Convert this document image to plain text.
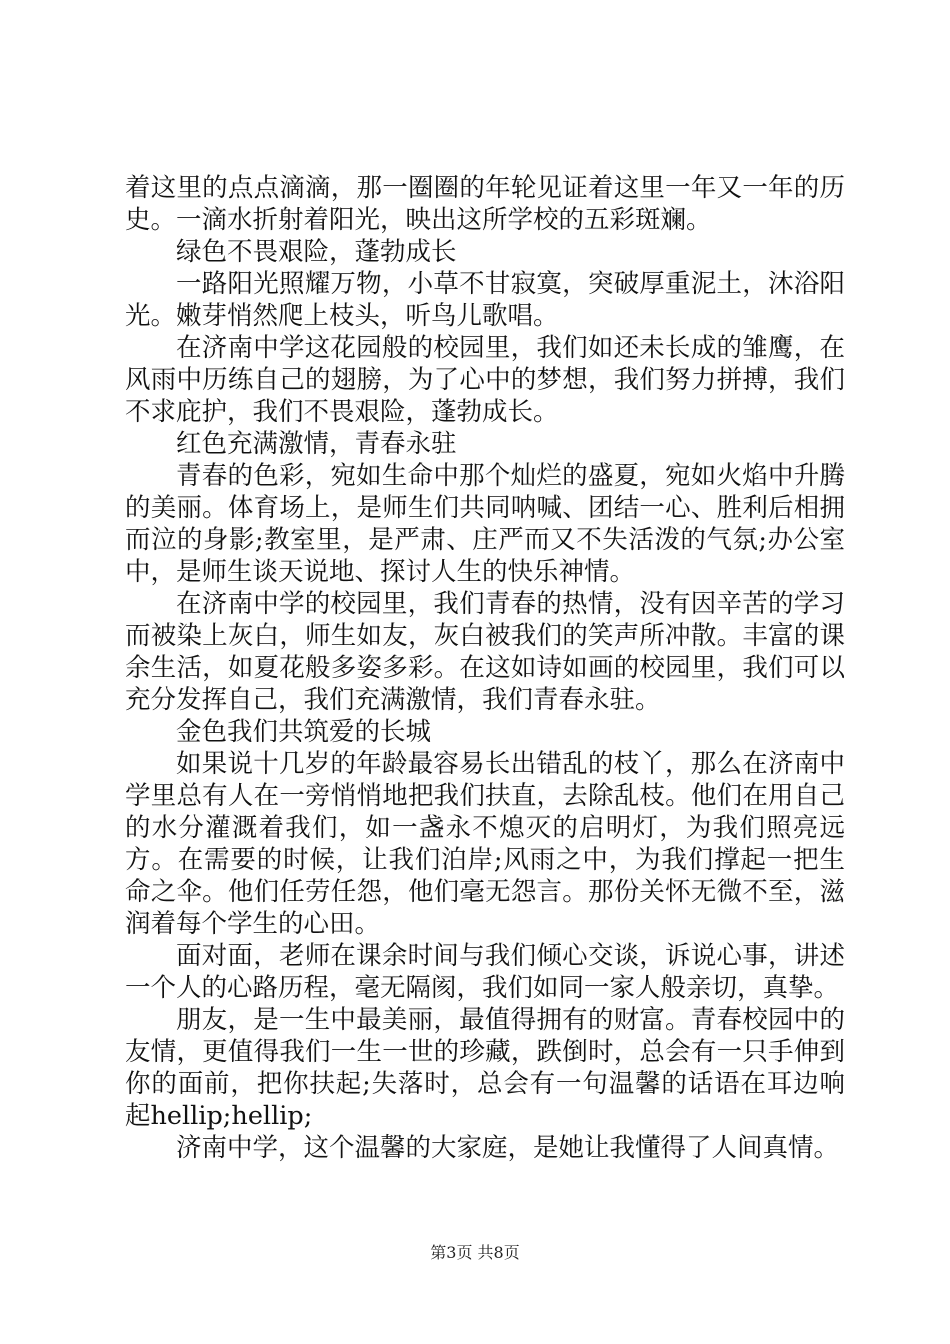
着这里的点点滴滴，那一圈圈的年轮见证着这里一年又一年的历史。一滴水折射着阳光，映出这所学校的五彩斑斓。

绿色不畏艰险，蓬勃成长

一路阳光照耀万物，小草不甘寂寞，突破厚重泥土，沐浴阳光。嫩芽悄然爬上枝头，听鸟儿歌唱。

在济南中学这花园般的校园里，我们如还未长成的雏鹰，在风雨中历练自己的翅膀，为了心中的梦想，我们努力拼搏，我们不求庇护，我们不畏艰险，蓬勃成长。

红色充满激情，青春永驻

青春的色彩，宛如生命中那个灿烂的盛夏，宛如火焰中升腾的美丽。体育场上，是师生们共同呐喊、团结一心、胜利后相拥而泣的身影;教室里，是严肃、庄严而又不失活泼的气氛;办公室中，是师生谈天说地、探讨人生的快乐神情。

在济南中学的校园里，我们青春的热情，没有因辛苦的学习而被染上灰白，师生如友，灰白被我们的笑声所冲散。丰富的课余生活，如夏花般多姿多彩。在这如诗如画的校园里，我们可以充分发挥自己，我们充满激情，我们青春永驻。

金色我们共筑爱的长城

如果说十几岁的年龄最容易长出错乱的枝丫，那么在济南中学里总有人在一旁悄悄地把我们扶直，去除乱枝。他们在用自己的水分灌溉着我们，如一盏永不熄灭的启明灯，为我们照亮远方。在需要的时候，让我们泊岸;风雨之中，为我们撑起一把生命之伞。他们任劳任怨，他们毫无怨言。那份关怀无微不至，滋润着每个学生的心田。

面对面，老师在课余时间与我们倾心交谈，诉说心事，讲述一个人的心路历程，毫无隔阂，我们如同一家人般亲切，真挚。

朋友，是一生中最美丽，最值得拥有的财富。青春校园中的友情，更值得我们一生一世的珍藏，跌倒时，总会有一只手伸到你的面前，把你扶起;失落时，总会有一句温馨的话语在耳边响起hellip;hellip;

济南中学，这个温馨的大家庭，是她让我懂得了人间真情。

第3页 共8页
